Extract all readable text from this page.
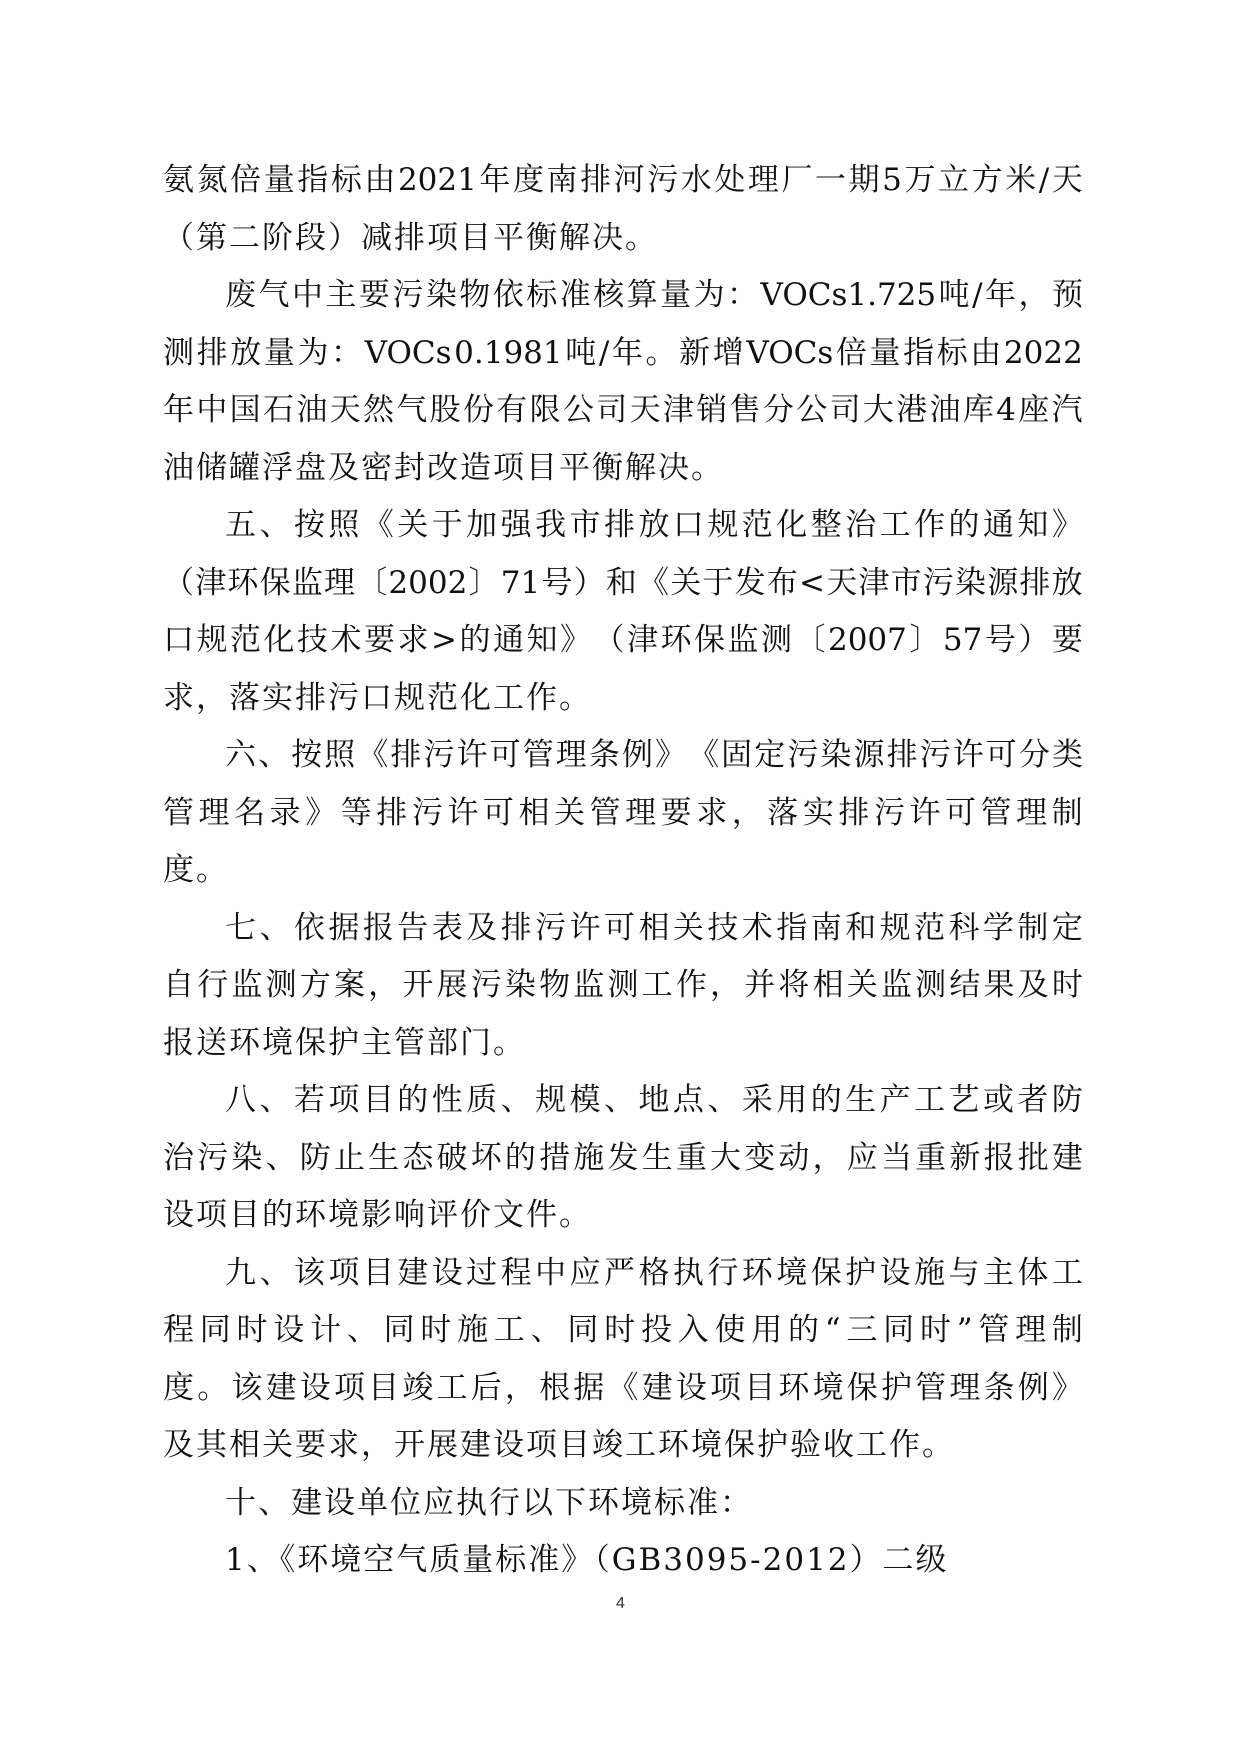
氨 氮 倍 量 指 标 由 2021 年 度 南 排 河 污 水 处 理 厂 一 期 5 万 立 方 米 / 天
（第二阶段）减排项目平衡解决。
废 气 中 主 要 污 染 物 依 标 准 核 算 量 为 ： VOCs1.725 吨 / 年 ， 预
测 排 放 量 为 ： VOCs 0.1981 吨 / 年 。 新 增 VOCs 倍 量 指 标 由 2022
年 中 国 石 油 天 然 气 股 份 有 限 公 司 天 津 销 售 分 公 司 大 港 油 库 4 座 汽
油储罐浮盘及密封改造项目平衡解决。
五 、 按 照 《 关 于 加 强 我 市 排 放 口 规 范 化 整 治 工 作 的 通 知 》
（ 津 环 保 监 理 〔 2002 〕 71 号 ） 和 《 关 于 发 布 < 天 津 市 污 染 源 排 放
口 规 范 化 技 术 要 求 > 的 通 知 》 （ 津 环 保 监 测 〔 2007 〕 57 号 ） 要
求，落实排污口规范化工作。
六 、 按 照 《 排 污 许 可 管 理 条 例 》 《 固 定 污 染 源 排 污 许 可 分 类
管 理 名 录 》 等 排 污 许 可 相 关 管 理 要 求 ， 落 实 排 污 许 可 管 理 制
度。
七 、 依 据 报 告 表 及 排 污 许 可 相 关 技 术 指 南 和 规 范 科 学 制 定
自 行 监 测 方 案 ， 开 展 污 染 物 监 测 工 作 ， 并 将 相 关 监 测 结 果 及 时
报送环境保护主管部门。
八 、 若 项 目 的 性 质 、 规 模 、 地 点 、 采 用 的 生 产 工 艺 或 者 防
治 污 染 、 防 止 生 态 破 坏 的 措 施 发 生 重 大 变 动 ， 应 当 重 新 报 批 建
设项目的环境影响评价文件。
九 、 该 项 目 建 设 过 程 中 应 严 格 执 行 环 境 保 护 设 施 与 主 体 工
程 同 时 设 计 、 同 时 施 工 、 同 时 投 入 使 用 的 “ 三 同 时 ” 管 理 制
度 。 该 建 设 项 目 竣 工 后 ， 根 据 《 建 设 项 目 环 境 保 护 管 理 条 例 》
及其相关要求，开展建设项目竣工环境保护验收工作。
十、建设单位应执行以下环境标准：
1、《环境空气质量标准》（GB3095-2012）二级
4
